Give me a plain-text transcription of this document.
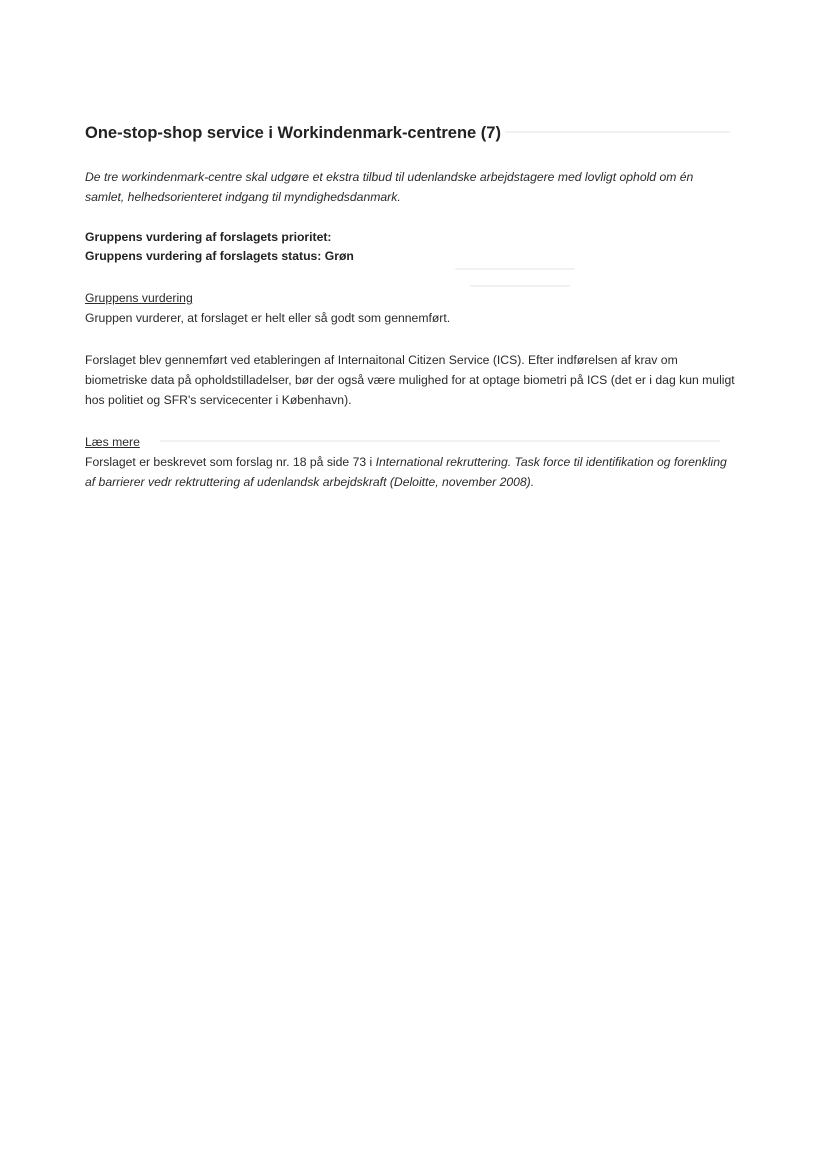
One-stop-shop service i Workindenmark-centrene (7)
De tre workindenmark-centre skal udgøre et ekstra tilbud til udenlandske arbejdstagere med lovligt ophold om én samlet, helhedsorienteret indgang til myndighedsdanmark.
Gruppens vurdering af forslagets prioritet:
Gruppens vurdering af forslagets status: Grøn
Gruppens vurdering
Gruppen vurderer, at forslaget er helt eller så godt som gennemført.
Forslaget blev gennemført ved etableringen af Internaitonal Citizen Service (ICS). Efter indførelsen af krav om biometriske data på opholdstilladelser, bør der også være mulighed for at optage biometri på ICS (det er i dag kun muligt hos politiet og SFR's servicecenter i København).
Læs mere
Forslaget er beskrevet som forslag nr. 18 på side 73 i International rekruttering. Task force til identifikation og forenkling af barrierer vedr rektruttering af udenlandsk arbejdskraft (Deloitte, november 2008).
